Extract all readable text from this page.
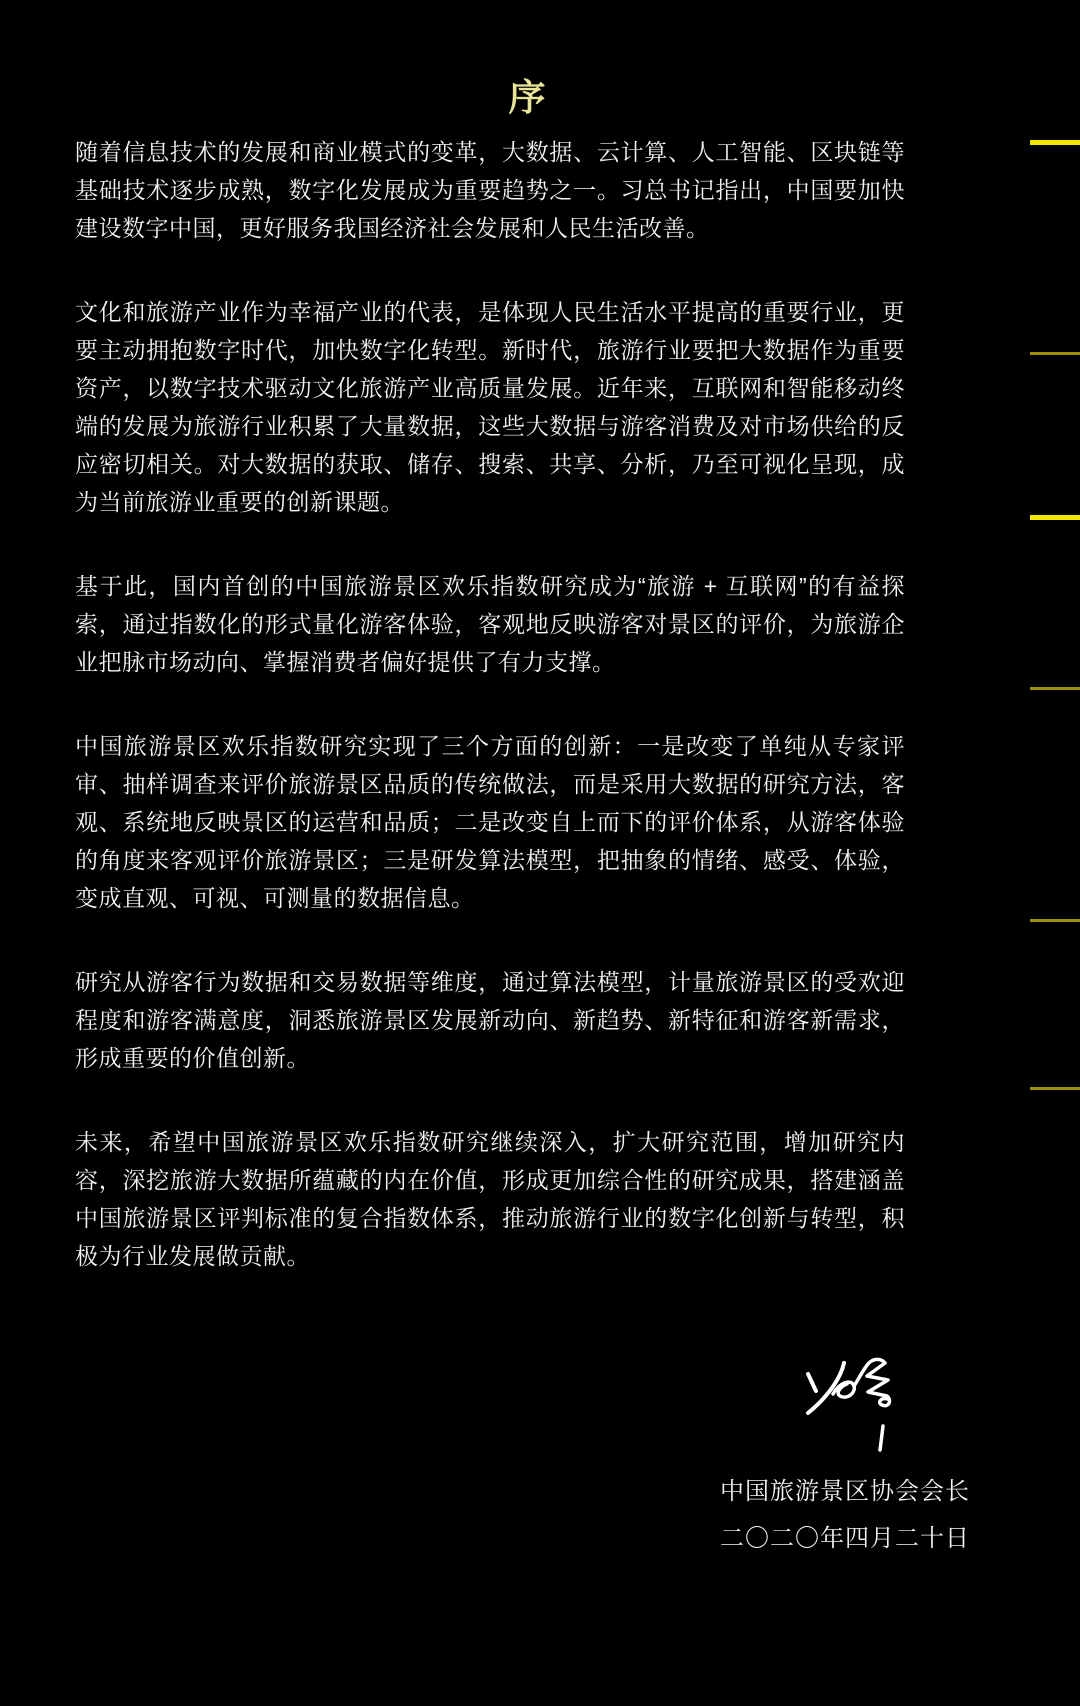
序

随着信息技术的发展和商业模式的变革，大数据、云计算、人工智能、区块链等基础技术逐步成熟，数字化发展成为重要趋势之一。习总书记指出，中国要加快建设数字中国，更好服务我国经济社会发展和人民生活改善。

文化和旅游产业作为幸福产业的代表，是体现人民生活水平提高的重要行业，更要主动拥抱数字时代，加快数字化转型。新时代，旅游行业要把大数据作为重要资产，以数字技术驱动文化旅游产业高质量发展。近年来，互联网和智能移动终端的发展为旅游行业积累了大量数据，这些大数据与游客消费及对市场供给的反应密切相关。对大数据的获取、储存、搜索、共享、分析，乃至可视化呈现，成为当前旅游业重要的创新课题。

基于此，国内首创的中国旅游景区欢乐指数研究成为“旅游 + 互联网”的有益探索，通过指数化的形式量化游客体验，客观地反映游客对景区的评价，为旅游企业把脉市场动向、掌握消费者偏好提供了有力支撑。

中国旅游景区欢乐指数研究实现了三个方面的创新：一是改变了单纯从专家评审、抽样调查来评价旅游景区品质的传统做法，而是采用大数据的研究方法，客观、系统地反映景区的运营和品质；二是改变自上而下的评价体系，从游客体验的角度来客观评价旅游景区；三是研发算法模型，把抽象的情绪、感受、体验，变成直观、可视、可测量的数据信息。

研究从游客行为数据和交易数据等维度，通过算法模型，计量旅游景区的受欢迎程度和游客满意度，洞悉旅游景区发展新动向、新趋势、新特征和游客新需求，形成重要的价值创新。

未来，希望中国旅游景区欢乐指数研究继续深入，扩大研究范围，增加研究内容，深挖旅游大数据所蕴藏的内在价值，形成更加综合性的研究成果，搭建涵盖中国旅游景区评判标准的复合指数体系，推动旅游行业的数字化创新与转型，积极为行业发展做贡献。

中国旅游景区协会会长
二〇二〇年四月二十日
